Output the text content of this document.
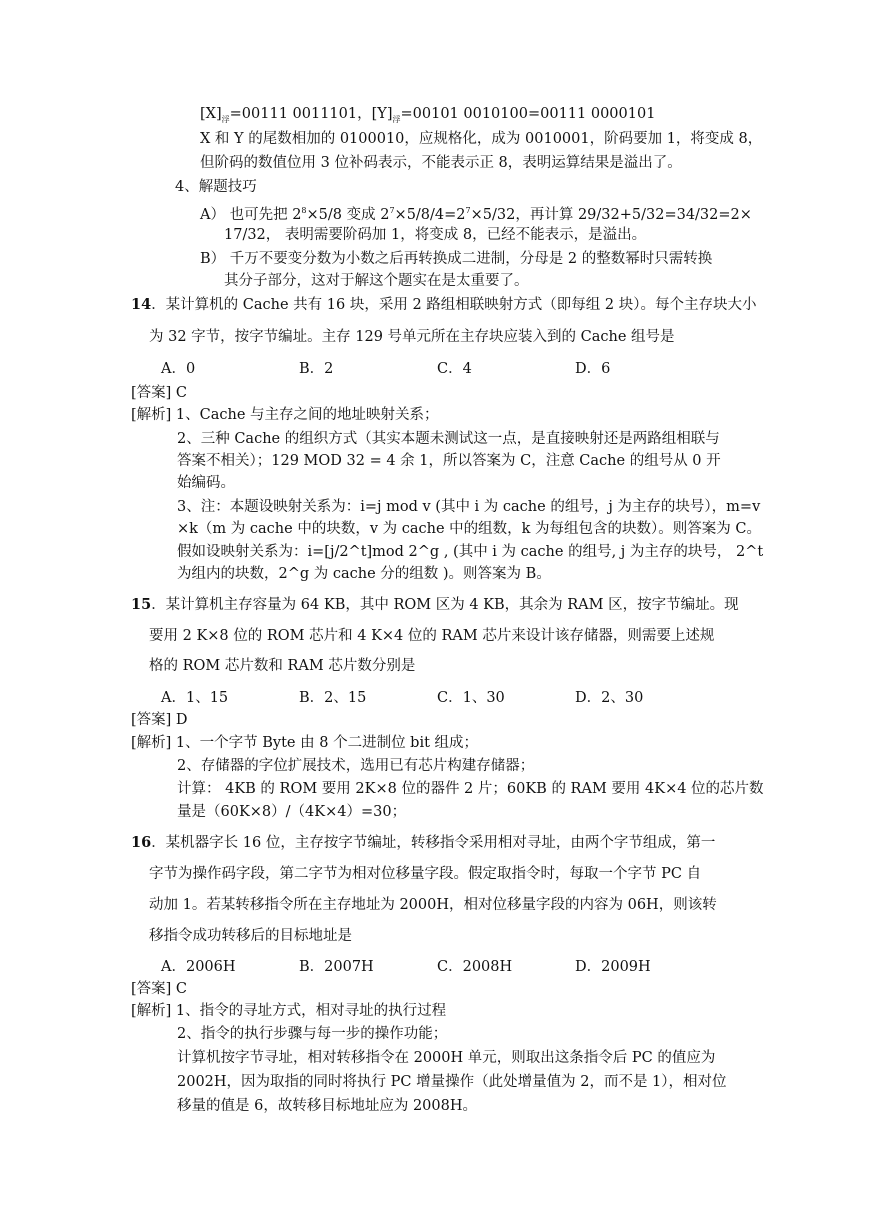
$[X]_浮=00111$ 0011101，$[Y]_浮=00101$ 0010100=00111 0000101
X 和 Y 的尾数相加的 0100010，应规格化，成为 0010001，阶码要加 1，将变成 8，
但阶码的数值位用 3 位补码表示，不能表示正 8，表明运算结果是溢出了。
4、解题技巧
A） 也可先把 $2^8\times 5/8$ 变成 $2^7\times 5/8/4=2^7\times 5/32$，再计算 29/32+5/32=34/32=2×
17/32， 表明需要阶码加 1，将变成 8，已经不能表示，是溢出。
B） 千万不要变分数为小数之后再转换成二进制，分母是 2 的整数幂时只需转换
其分子部分，这对于解这个题实在是太重要了。
14．某计算机的 Cache 共有 16 块，采用 2 路组相联映射方式（即每组 2 块）。每个主存块大小
为 32 字节，按字节编址。主存 129 号单元所在主存块应装入到的 Cache 组号是
A．0	B．2	C．4	D．6
[答案] C
[解析] 1、Cache 与主存之间的地址映射关系；
2、三种 Cache 的组织方式（其实本题未测试这一点，是直接映射还是两路组相联与
答案不相关）；129 MOD 32 = 4 余 1，所以答案为 C，注意 Cache 的组号从 0 开
始编码。
3、注：本题设映射关系为：i=j mod v (其中 i 为 cache 的组号，j 为主存的块号），m=v
×k（m 为 cache 中的块数，v 为 cache 中的组数，k 为每组包含的块数）。则答案为 C。
假如设映射关系为：i=[j/2^t]mod 2^g , (其中 i 为 cache 的组号, j 为主存的块号， 2^t
为组内的块数，2^g 为 cache 分的组数 )。则答案为 B。
15．某计算机主存容量为 64 KB，其中 ROM 区为 4 KB，其余为 RAM 区，按字节编址。现
要用 2 K×8 位的 ROM 芯片和 4 K×4 位的 RAM 芯片来设计该存储器，则需要上述规
格的 ROM 芯片数和 RAM 芯片数分别是
A．1、15	B．2、15	C．1、30	D．2、30
[答案] D
[解析] 1、一个字节 Byte 由 8 个二进制位 bit 组成；
2、存储器的字位扩展技术，选用已有芯片构建存储器；
计算： 4KB 的 ROM 要用 2K×8 位的器件 2 片；60KB 的 RAM 要用 4K×4 位的芯片数
量是（60K×8）/（4K×4）=30；
16．某机器字长 16 位，主存按字节编址，转移指令采用相对寻址，由两个字节组成，第一
字节为操作码字段，第二字节为相对位移量字段。假定取指令时，每取一个字节 PC 自
动加 1。若某转移指令所在主存地址为 2000H，相对位移量字段的内容为 06H，则该转
移指令成功转移后的目标地址是
A．2006H	B．2007H	C．2008H	D．2009H
[答案] C
[解析] 1、指令的寻址方式，相对寻址的执行过程
2、指令的执行步骤与每一步的操作功能；
计算机按字节寻址，相对转移指令在 2000H 单元，则取出这条指令后 PC 的值应为
2002H，因为取指的同时将执行 PC 增量操作（此处增量值为 2，而不是 1），相对位
移量的值是 6，故转移目标地址应为 2008H。
